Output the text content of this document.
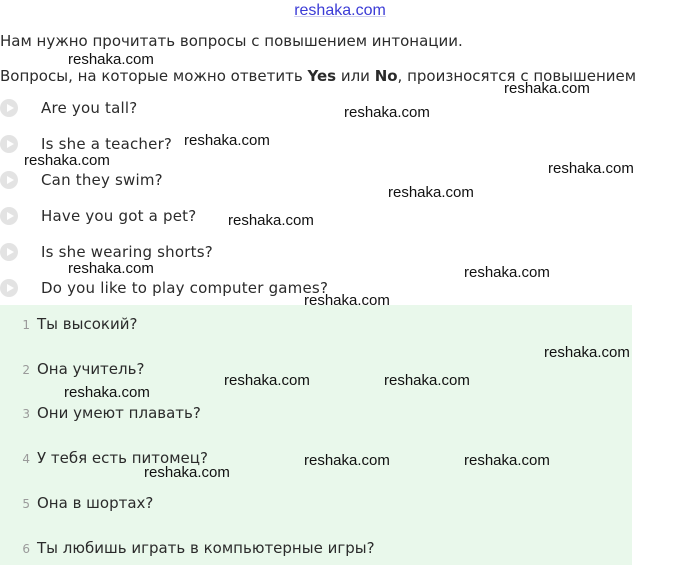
reshaka.com
Нам нужно прочитать вопросы с повышением интонации.
Вопросы, на которые можно ответить Yes или No, произносятся с повышением
Are you tall?
Is she a teacher?
Can they swim?
Have you got a pet?
Is she wearing shorts?
Do you like to play computer games?
1 Ты высокий?
2 Она учитель?
3 Они умеют плавать?
4 У тебя есть питомец?
5 Она в шортах?
6 Ты любишь играть в компьютерные игры?
reshaka.com
reshaka.com
reshaka.com
reshaka.com
reshaka.com	reshaka.com
reshaka.com
reshaka.com
reshaka.com	reshaka.com
reshaka.com
reshaka.com
reshaka.com	reshaka.com
reshaka.com
reshaka.com	reshaka.com
reshaka.com
